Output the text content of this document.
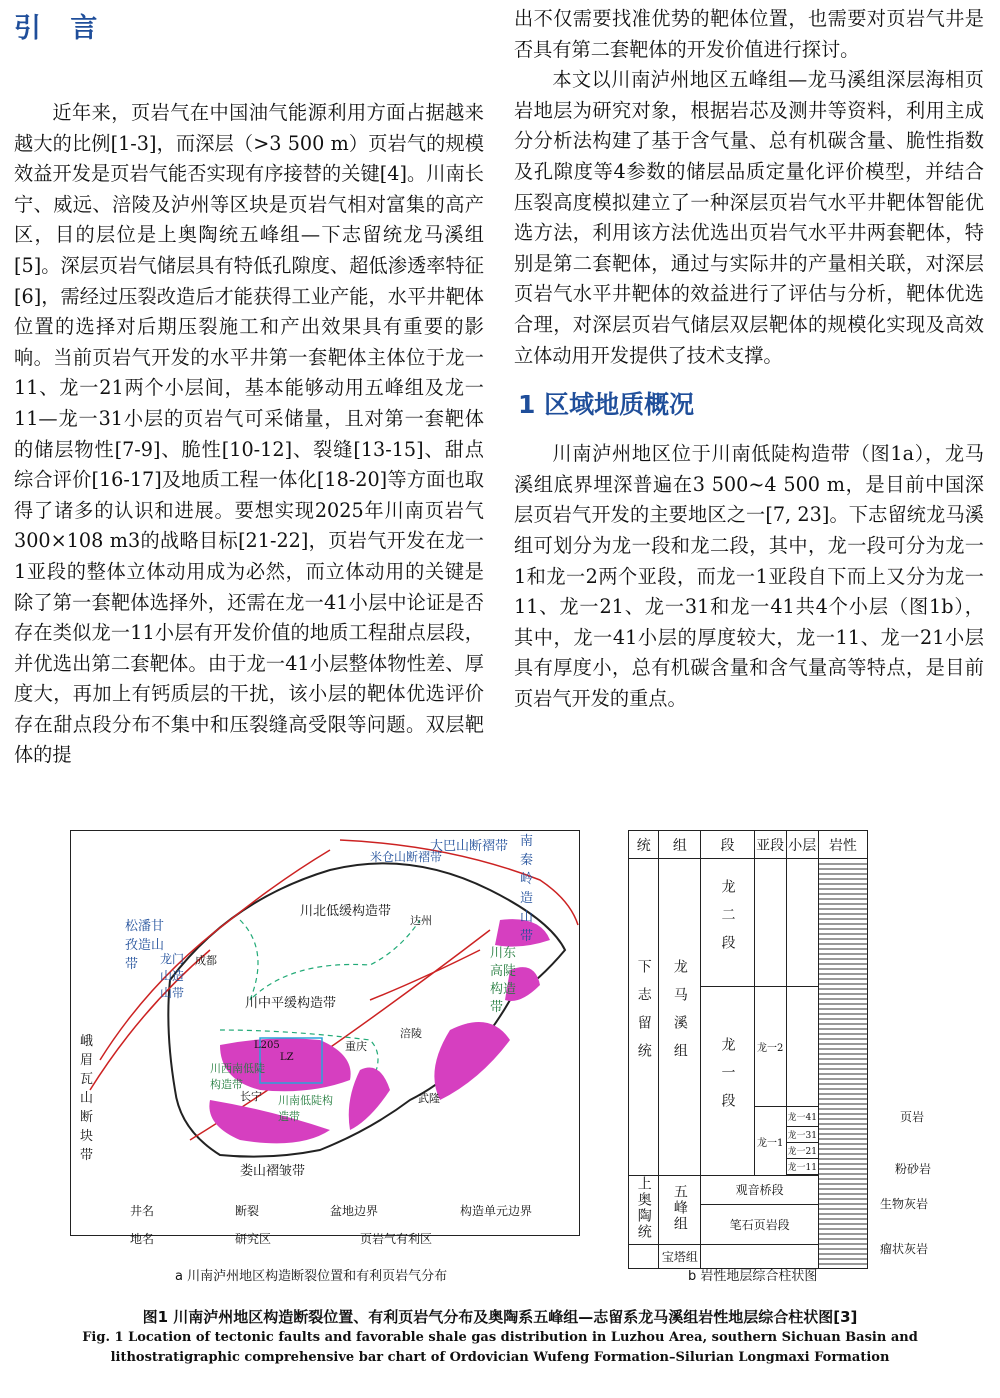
引 言

近年来，页岩气在中国油气能源利用方面占据越来越大的比例[1-3]，而深层（>3 500 m）页岩气的规模效益开发是页岩气能否实现有序接替的关键[4]。川南长宁、威远、涪陵及泸州等区块是页岩气相对富集的高产区，目的层位是上奥陶统五峰组—下志留统龙马溪组[5]。深层页岩气储层具有特低孔隙度、超低渗透率特征[6]，需经过压裂改造后才能获得工业产能，水平井靶体位置的选择对后期压裂施工和产出效果具有重要的影响。当前页岩气开发的水平井第一套靶体主体位于龙一11、龙一21两个小层间，基本能够动用五峰组及龙一11—龙一31小层的页岩气可采储量，且对第一套靶体的储层物性[7-9]、脆性[10-12]、裂缝[13-15]、甜点综合评价[16-17]及地质工程一体化[18-20]等方面也取得了诸多的认识和进展。要想实现2025年川南页岩气300×108 m3的战略目标[21-22]，页岩气开发在龙一1亚段的整体立体动用成为必然，而立体动用的关键是除了第一套靶体选择外，还需在龙一41小层中论证是否存在类似龙一11小层有开发价值的地质工程甜点层段，并优选出第二套靶体。由于龙一41小层整体物性差、厚度大，再加上有钙质层的干扰，该小层的靶体优选评价存在甜点段分布不集中和压裂缝高受限等问题。双层靶体的提

出不仅需要找准优势的靶体位置，也需要对页岩气井是否具有第二套靶体的开发价值进行探讨。

本文以川南泸州地区五峰组—龙马溪组深层海相页岩地层为研究对象，根据岩芯及测井等资料，利用主成分分析法构建了基于含气量、总有机碳含量、脆性指数及孔隙度等4参数的储层品质定量化评价模型，并结合压裂高度模拟建立了一种深层页岩气水平井靶体智能优选方法，利用该方法优选出页岩气水平井两套靶体，特别是第二套靶体，通过与实际井的产量相关联，对深层页岩气水平井靶体的效益进行了评估与分析，靶体优选合理，对深层页岩气储层双层靶体的规模化实现及高效立体动用开发提供了技术支撑。

1 区域地质概况

川南泸州地区位于川南低陡构造带（图1a），龙马溪组底界埋深普遍在3 500~4 500 m，是目前中国深层页岩气开发的主要地区之一[7, 23]。下志留统龙马溪组可划分为龙一段和龙二段，其中，龙一段可分为龙一1和龙一2两个亚段，而龙一1亚段自下而上又分为龙一11、龙一21、龙一31和龙一41共4个小层（图1b），其中，龙一41小层的厚度较大，龙一11、龙一21小层具有厚度小，总有机碳含量和含气量高等特点，是目前页岩气开发的重点。

川北低缓构造带
川中平缓构造带
川东高陡构造带
川西南低陡构造带
川南低陡构造带
米仓山断褶带
大巴山断褶带 南秦岭造山带
龙门山造山带
松潘甘孜造山带
峨眉瓦山断块带
娄山褶皱带
达州
成都
重庆
涪陵
长宁	武隆
L205
LZ
井名	断裂	盆地边界	构造单元边界
地名	研究区	页岩气有利区
a 川南泸州地区构造断裂位置和有利页岩气分布
统	组	段	亚段	小层	岩性
下志留统	龙马溪组	龙二段			
		龙一段	龙一2		
			龙一1	龙一41	
				龙一31	
				龙一21	
				龙一11	

上奥陶统	五峰组	观音桥段			
		笔石页岩段			
	宝塔组				
页岩
粉砂岩
生物灰岩
瘤状灰岩
b 岩性地层综合柱状图
图1 川南泸州地区构造断裂位置、有利页岩气分布及奥陶系五峰组—志留系龙马溪组岩性地层综合柱状图[3]
Fig. 1 Location of tectonic faults and favorable shale gas distribution in Luzhou Area, southern Sichuan Basin and
lithostratigraphic comprehensive bar chart of Ordovician Wufeng Formation–Silurian Longmaxi Formation
